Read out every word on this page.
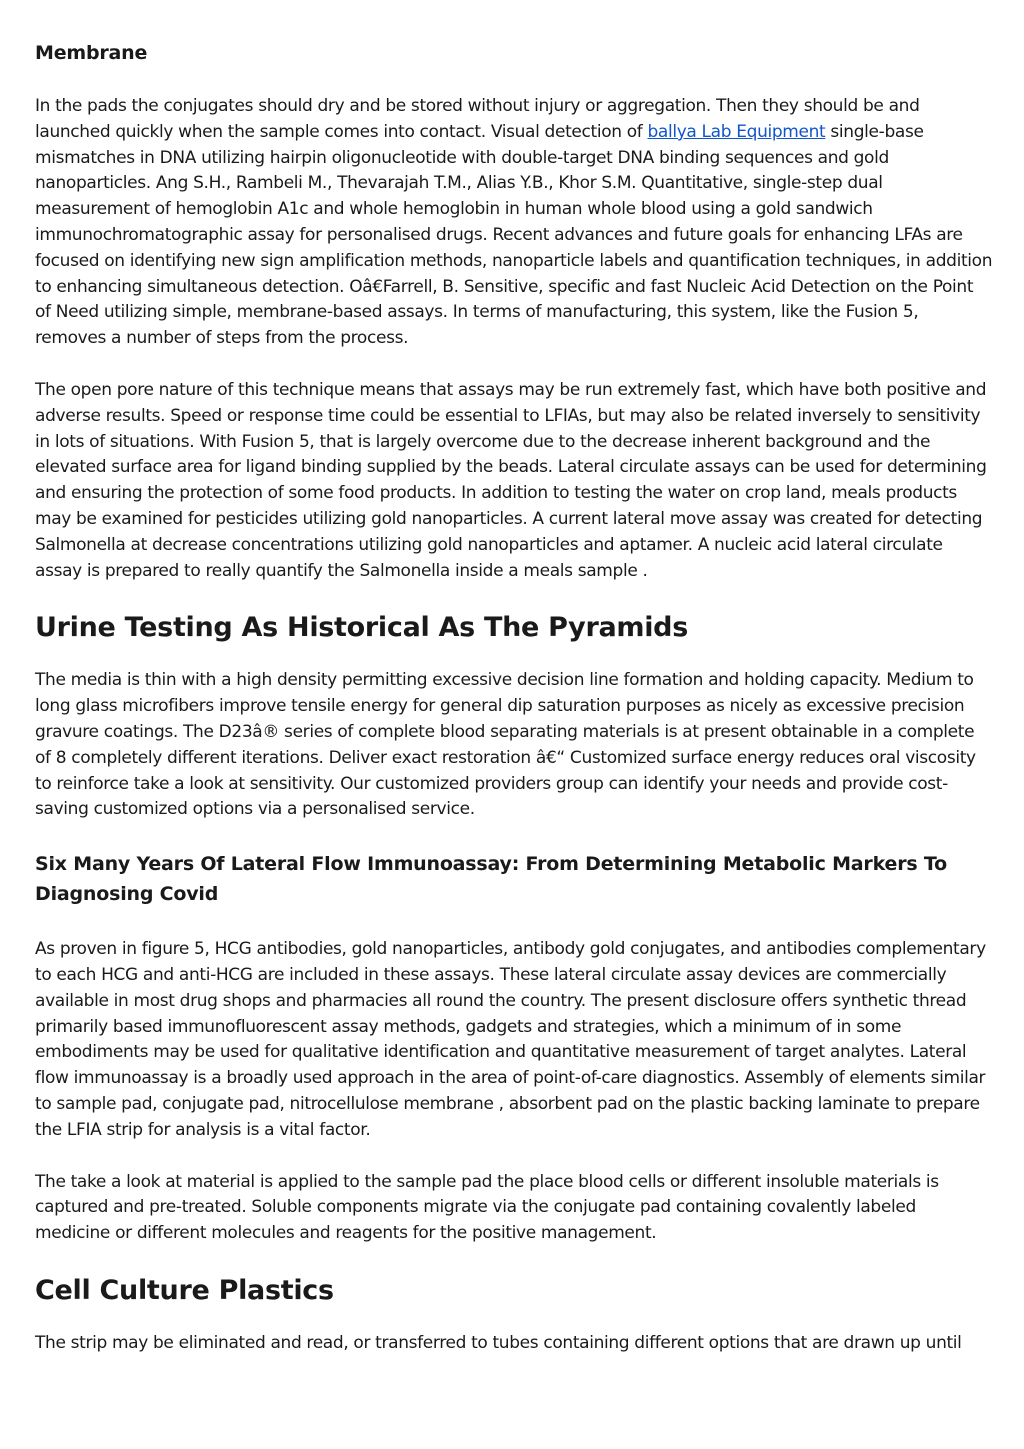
Membrane

In the pads the conjugates should dry and be stored without injury or aggregation. Then they should be and launched quickly when the sample comes into contact. Visual detection of ballya Lab Equipment single-base mismatches in DNA utilizing hairpin oligonucleotide with double-target DNA binding sequences and gold nanoparticles. Ang S.H., Rambeli M., Thevarajah T.M., Alias Y.B., Khor S.M. Quantitative, single-step dual measurement of hemoglobin A1c and whole hemoglobin in human whole blood using a gold sandwich immunochromatographic assay for personalised drugs. Recent advances and future goals for enhancing LFAs are focused on identifying new sign amplification methods, nanoparticle labels and quantification techniques, in addition to enhancing simultaneous detection. Oâ€Farrell, B. Sensitive, specific and fast Nucleic Acid Detection on the Point of Need utilizing simple, membrane-based assays. In terms of manufacturing, this system, like the Fusion 5, removes a number of steps from the process.

The open pore nature of this technique means that assays may be run extremely fast, which have both positive and adverse results. Speed or response time could be essential to LFIAs, but may also be related inversely to sensitivity in lots of situations. With Fusion 5, that is largely overcome due to the decrease inherent background and the elevated surface area for ligand binding supplied by the beads. Lateral circulate assays can be used for determining and ensuring the protection of some food products. In addition to testing the water on crop land, meals products may be examined for pesticides utilizing gold nanoparticles. A current lateral move assay was created for detecting Salmonella at decrease concentrations utilizing gold nanoparticles and aptamer. A nucleic acid lateral circulate assay is prepared to really quantify the Salmonella inside a meals sample .

Urine Testing As Historical As The Pyramids

The media is thin with a high density permitting excessive decision line formation and holding capacity. Medium to long glass microfibers improve tensile energy for general dip saturation purposes as nicely as excessive precision gravure coatings. The D23â® series of complete blood separating materials is at present obtainable in a complete of 8 completely different iterations. Deliver exact restoration â€“ Customized surface energy reduces oral viscosity to reinforce take a look at sensitivity. Our customized providers group can identify your needs and provide cost-saving customized options via a personalised service.

Six Many Years Of Lateral Flow Immunoassay: From Determining Metabolic Markers To Diagnosing Covid

As proven in figure 5, HCG antibodies, gold nanoparticles, antibody gold conjugates, and antibodies complementary to each HCG and anti-HCG are included in these assays. These lateral circulate assay devices are commercially available in most drug shops and pharmacies all round the country. The present disclosure offers synthetic thread primarily based immunofluorescent assay methods, gadgets and strategies, which a minimum of in some embodiments may be used for qualitative identification and quantitative measurement of target analytes. Lateral flow immunoassay is a broadly used approach in the area of point-of-care diagnostics. Assembly of elements similar to sample pad, conjugate pad, nitrocellulose membrane , absorbent pad on the plastic backing laminate to prepare the LFIA strip for analysis is a vital factor.

The take a look at material is applied to the sample pad the place blood cells or different insoluble materials is captured and pre-treated. Soluble components migrate via the conjugate pad containing covalently labeled medicine or different molecules and reagents for the positive management.

Cell Culture Plastics

The strip may be eliminated and read, or transferred to tubes containing different options that are drawn up until
